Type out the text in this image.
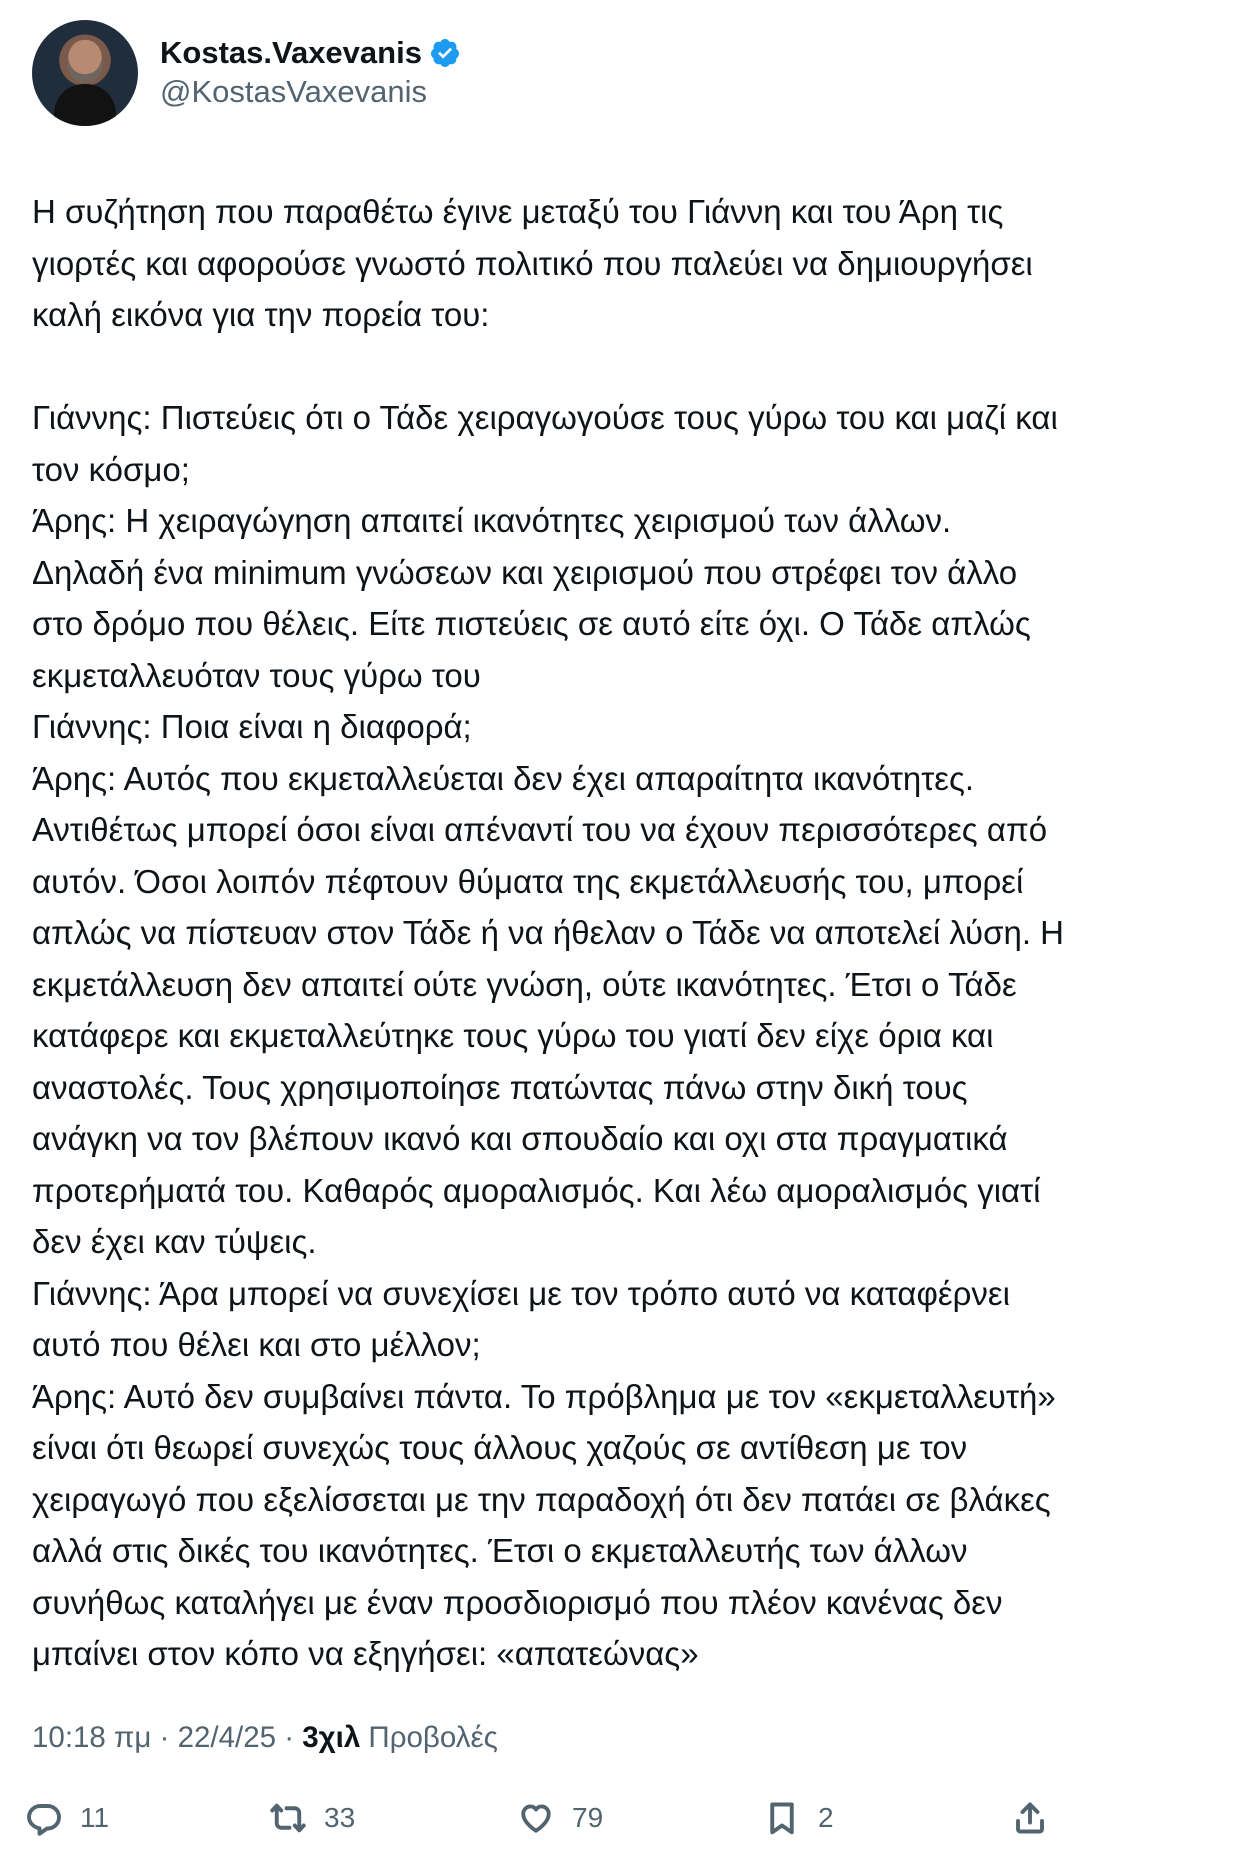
Kostas.Vaxevanis
@KostasVaxevanis
Η συζήτηση που παραθέτω έγινε μεταξύ του Γιάννη και του Άρη τις
γιορτές και αφορούσε γνωστό πολιτικό που παλεύει να δημιουργήσει
καλή εικόνα για την πορεία του:

Γιάννης: Πιστεύεις ότι ο Τάδε χειραγωγούσε τους γύρω του και μαζί και
τον κόσμο;
Άρης: Η χειραγώγηση απαιτεί ικανότητες χειρισμού των άλλων.
Δηλαδή ένα minimum γνώσεων και χειρισμού που στρέφει τον άλλο
στο δρόμο που θέλεις. Είτε πιστεύεις σε αυτό είτε όχι. Ο Τάδε απλώς
εκμεταλλευόταν τους γύρω του
Γιάννης: Ποια είναι η διαφορά;
Άρης: Αυτός που εκμεταλλεύεται δεν έχει απαραίτητα ικανότητες.
Αντιθέτως μπορεί όσοι είναι απέναντί του να έχουν περισσότερες από
αυτόν. Όσοι λοιπόν πέφτουν θύματα της εκμετάλλευσής του, μπορεί
απλώς να πίστευαν στον Τάδε ή να ήθελαν ο Τάδε να αποτελεί λύση. Η
εκμετάλλευση δεν απαιτεί ούτε γνώση, ούτε ικανότητες. Έτσι ο Τάδε
κατάφερε και εκμεταλλεύτηκε τους γύρω του γιατί δεν είχε όρια και
αναστολές. Τους χρησιμοποίησε πατώντας πάνω στην δική τους
ανάγκη να τον βλέπουν ικανό και σπουδαίο και οχι στα πραγματικά
προτερήματά του. Καθαρός αμοραλισμός. Και λέω αμοραλισμός γιατί
δεν έχει καν τύψεις.
Γιάννης: Άρα μπορεί να συνεχίσει με τον τρόπο αυτό να καταφέρνει
αυτό που θέλει και στο μέλλον;
Άρης: Αυτό δεν συμβαίνει πάντα. Το πρόβλημα με τον «εκμεταλλευτή»
είναι ότι θεωρεί συνεχώς τους άλλους χαζούς σε αντίθεση με τον
χειραγωγό που εξελίσσεται με την παραδοχή ότι δεν πατάει σε βλάκες
αλλά στις δικές του ικανότητες. Έτσι ο εκμεταλλευτής των άλλων
συνήθως καταλήγει με έναν προσδιορισμό που πλέον κανένας δεν
μπαίνει στον κόπο να εξηγήσει: «απατεώνας»
10:18 πμ · 22/4/25 · 3χιλ Προβολές
11	33	79	2
